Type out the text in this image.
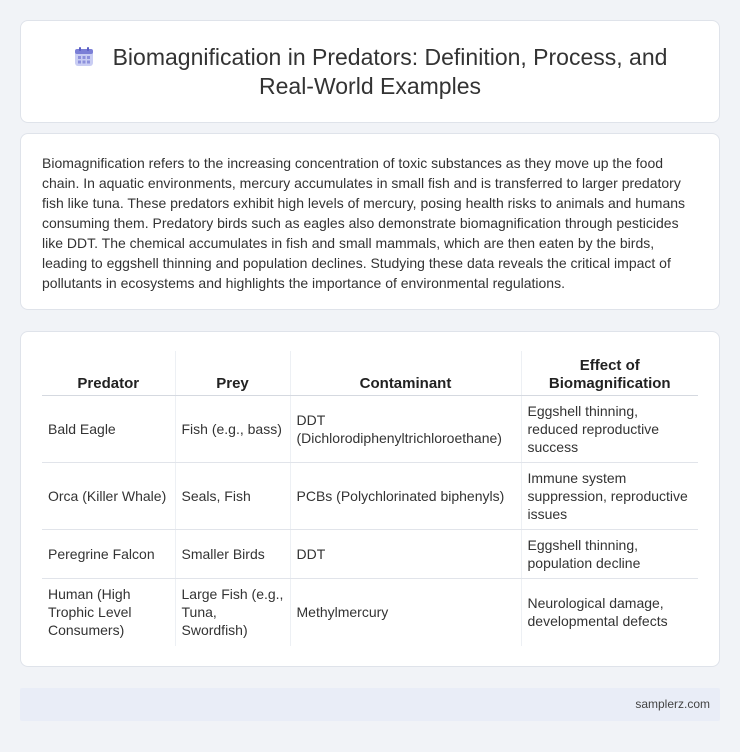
Biomagnification in Predators: Definition, Process, and Real-World Examples

Biomagnification refers to the increasing concentration of toxic substances as they move up the food chain. In aquatic environments, mercury accumulates in small fish and is transferred to larger predatory fish like tuna. These predators exhibit high levels of mercury, posing health risks to animals and humans consuming them. Predatory birds such as eagles also demonstrate biomagnification through pesticides like DDT. The chemical accumulates in fish and small mammals, which are then eaten by the birds, leading to eggshell thinning and population declines. Studying these data reveals the critical impact of pollutants in ecosystems and highlights the importance of environmental regulations.

Predator	Prey	Contaminant	Effect of Biomagnification
Bald Eagle	Fish (e.g., bass)	DDT (Dichlorodiphenyltrichloroethane)	Eggshell thinning, reduced reproductive success
Orca (Killer Whale)	Seals, Fish	PCBs (Polychlorinated biphenyls)	Immune system suppression, reproductive issues
Peregrine Falcon	Smaller Birds	DDT	Eggshell thinning, population decline
Human (High Trophic Level Consumers)	Large Fish (e.g., Tuna, Swordfish)	Methylmercury	Neurological damage, developmental defects
samplerz.com
